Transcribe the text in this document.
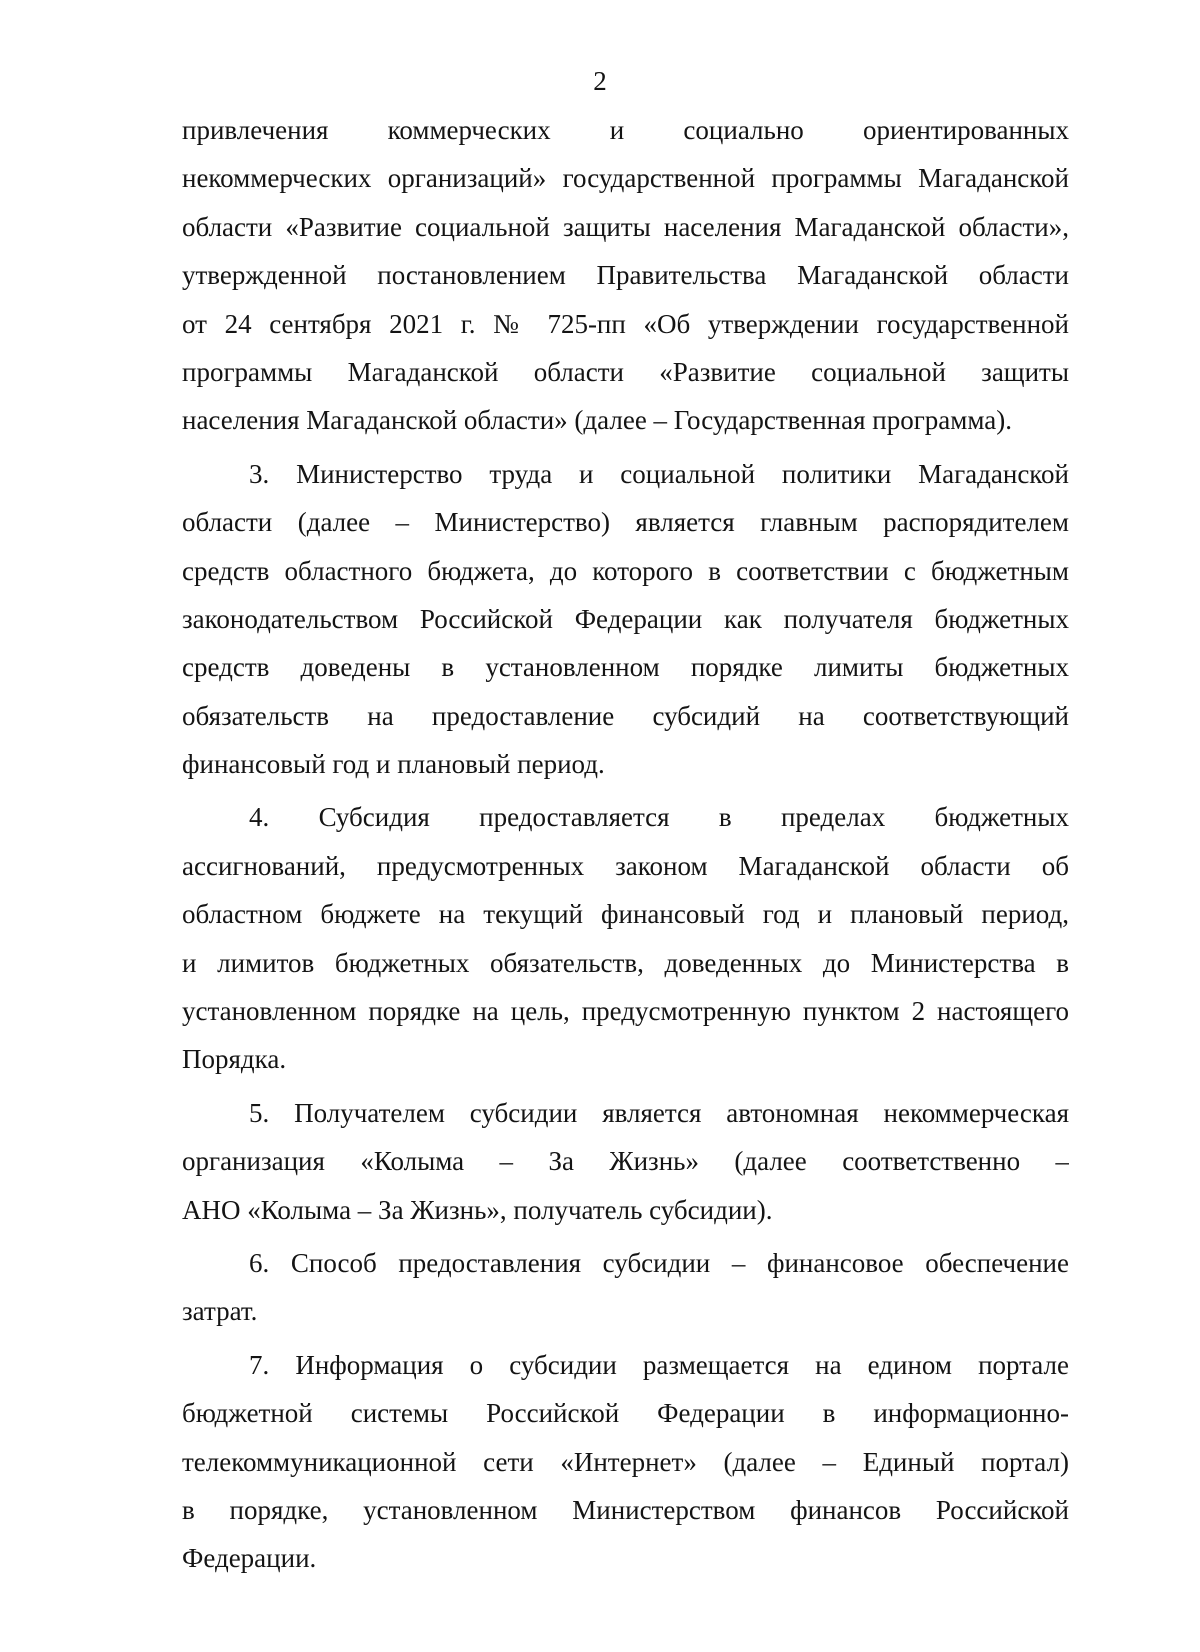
2
привлечения коммерческих и социально ориентированных
некоммерческих организаций» государственной программы Магаданской
области «Развитие социальной защиты населения Магаданской области»,
утвержденной постановлением Правительства Магаданской области
от 24 сентября 2021 г. № 725-пп «Об утверждении государственной
программы Магаданской области «Развитие социальной защиты
населения Магаданской области» (далее – Государственная программа).
3. Министерство труда и социальной политики Магаданской
области (далее – Министерство) является главным распорядителем
средств областного бюджета, до которого в соответствии с бюджетным
законодательством Российской Федерации как получателя бюджетных
средств доведены в установленном порядке лимиты бюджетных
обязательств на предоставление субсидий на соответствующий
финансовый год и плановый период.
4. Субсидия предоставляется в пределах бюджетных
ассигнований, предусмотренных законом Магаданской области об
областном бюджете на текущий финансовый год и плановый период,
и лимитов бюджетных обязательств, доведенных до Министерства в
установленном порядке на цель, предусмотренную пунктом 2 настоящего
Порядка.
5. Получателем субсидии является автономная некоммерческая
организация «Колыма – За Жизнь» (далее соответственно –
АНО «Колыма – За Жизнь», получатель субсидии).
6. Способ предоставления субсидии – финансовое обеспечение
затрат.
7. Информация о субсидии размещается на едином портале
бюджетной системы Российской Федерации в информационно-
телекоммуникационной сети «Интернет» (далее – Единый портал)
в порядке, установленном Министерством финансов Российской
Федерации.
